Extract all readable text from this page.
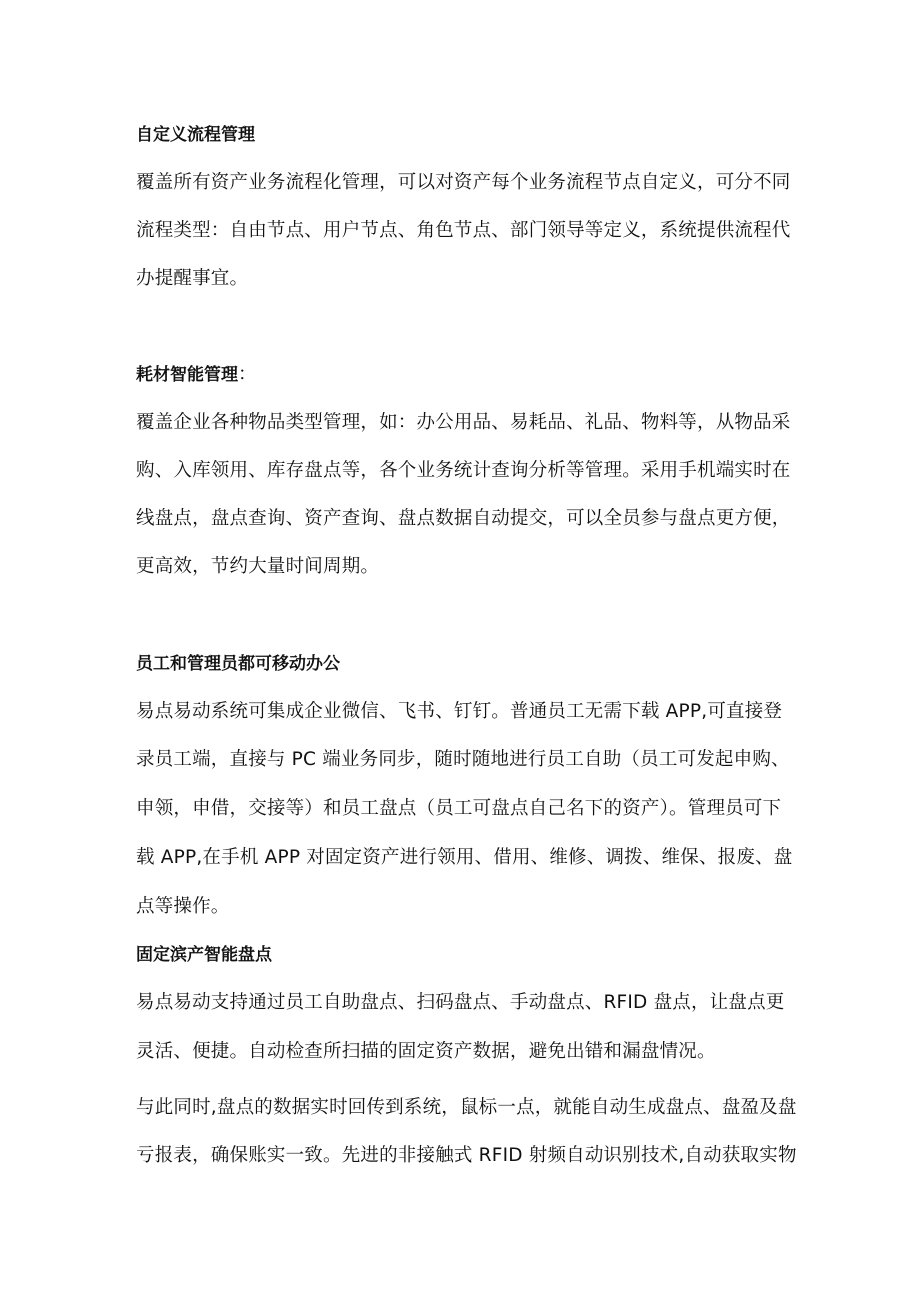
自定义流程管理
覆盖所有资产业务流程化管理，可以对资产每个业务流程节点自定义，可分不同
流程类型：自由节点、用户节点、角色节点、部门领导等定义，系统提供流程代
办提醒事宜。
耗材智能管理：
覆盖企业各种物品类型管理，如：办公用品、易耗品、礼品、物料等，从物品采
购、入库领用、库存盘点等，各个业务统计查询分析等管理。采用手机端实时在
线盘点，盘点查询、资产查询、盘点数据自动提交，可以全员参与盘点更方便，
更高效，节约大量时间周期。
员工和管理员都可移动办公
易点易动系统可集成企业微信、飞书、钉钉。普通员工无需下载 APP,可直接登
录员工端，直接与 PC 端业务同步，随时随地进行员工自助（员工可发起申购、
申领，申借，交接等）和员工盘点（员工可盘点自己名下的资产）。管理员可下
载 APP,在手机 APP 对固定资产进行领用、借用、维修、调拨、维保、报废、盘
点等操作。
固定滨产智能盘点
易点易动支持通过员工自助盘点、扫码盘点、手动盘点、RFID 盘点，让盘点更
灵活、便捷。自动检查所扫描的固定资产数据，避免出错和漏盘情况。
与此同时,盘点的数据实时回传到系统，鼠标一点，就能自动生成盘点、盘盈及盘
亏报表，确保账实一致。先进的非接触式 RFID 射频自动识别技术,自动获取实物
